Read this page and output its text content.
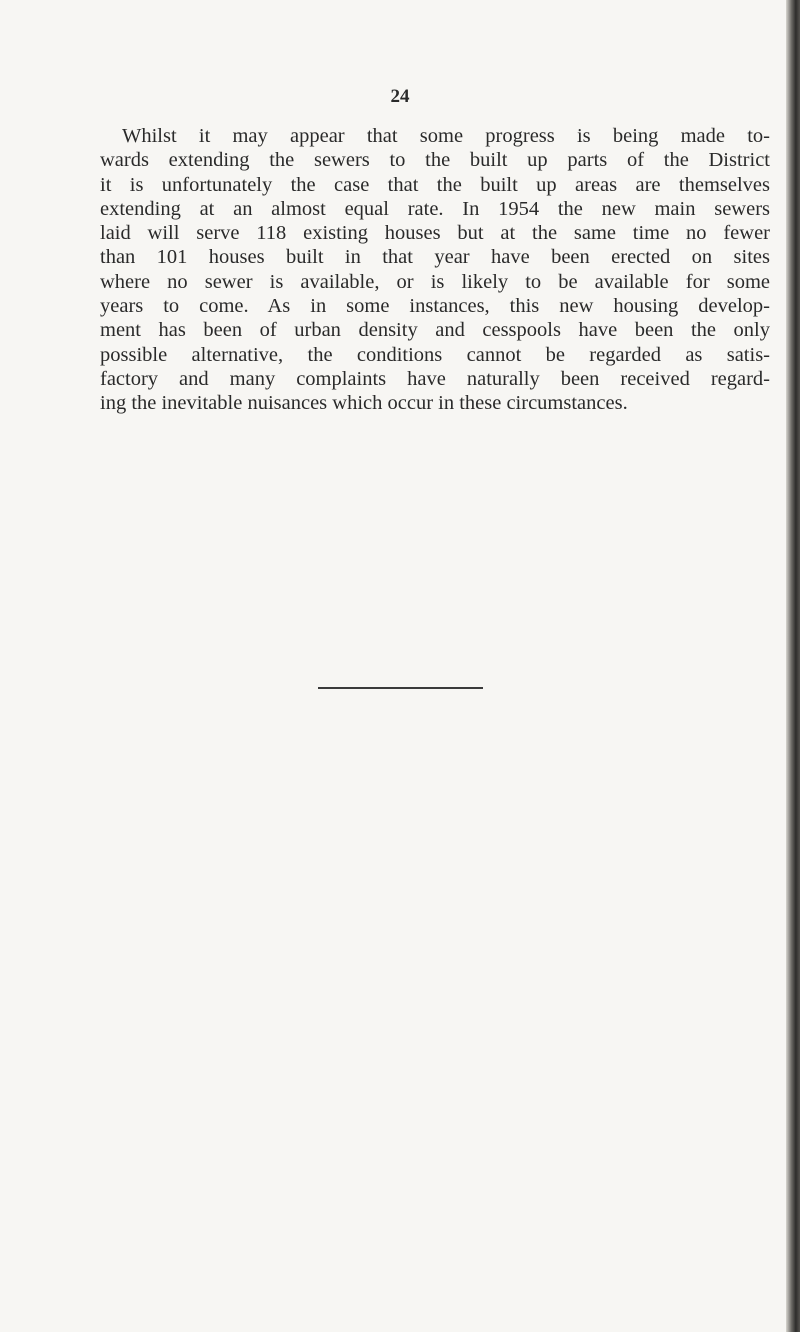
24
Whilst it may appear that some progress is being made to-
wards extending the sewers to the built up parts of the District
it is unfortunately the case that the built up areas are themselves
extending at an almost equal rate. In 1954 the new main sewers
laid will serve 118 existing houses but at the same time no fewer
than 101 houses built in that year have been erected on sites
where no sewer is available, or is likely to be available for some
years to come. As in some instances, this new housing develop-
ment has been of urban density and cesspools have been the only
possible alternative, the conditions cannot be regarded as satis-
factory and many complaints have naturally been received regard-
ing the inevitable nuisances which occur in these circumstances.
